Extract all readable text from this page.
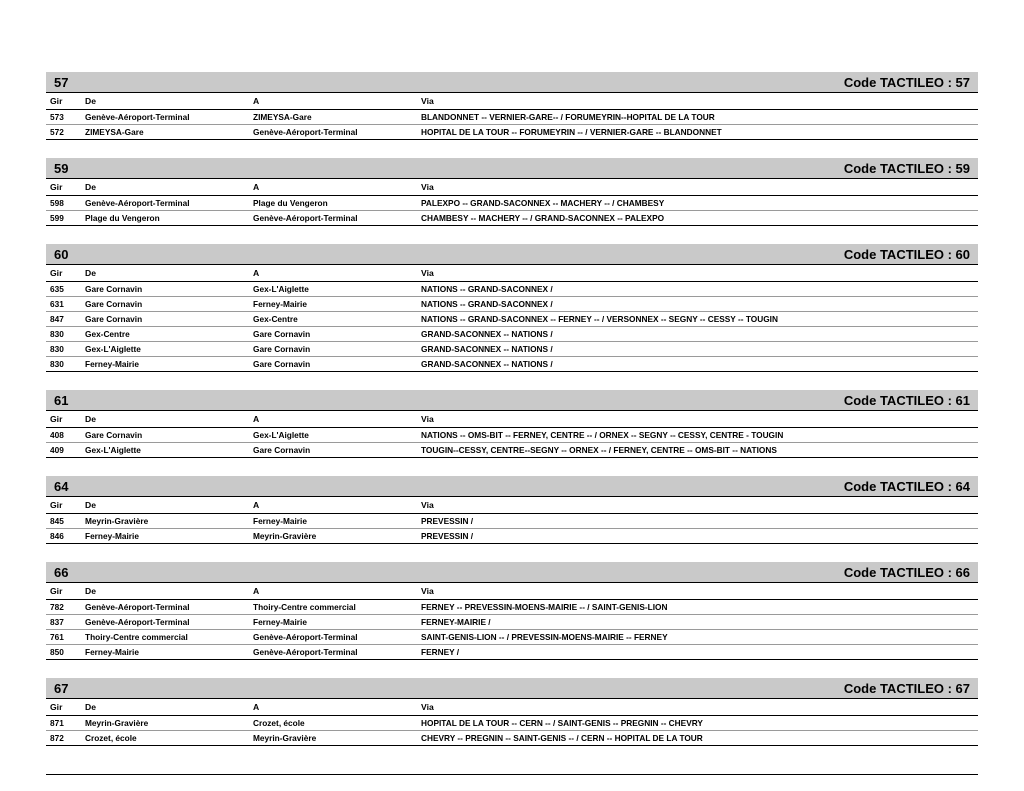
57	Code TACTILEO : 57
Gir	De	A	Via
573	Genève-Aéroport-Terminal	ZIMEYSA-Gare	BLANDONNET -- VERNIER-GARE-- / FORUMEYRIN--HOPITAL DE LA TOUR
572	ZIMEYSA-Gare	Genève-Aéroport-Terminal	HOPITAL DE LA TOUR -- FORUMEYRIN -- / VERNIER-GARE -- BLANDONNET
59	Code TACTILEO : 59
Gir	De	A	Via
598	Genève-Aéroport-Terminal	Plage du Vengeron	PALEXPO -- GRAND-SACONNEX -- MACHERY -- / CHAMBESY
599	Plage du Vengeron	Genève-Aéroport-Terminal	CHAMBESY -- MACHERY -- / GRAND-SACONNEX -- PALEXPO
60	Code TACTILEO : 60
Gir	De	A	Via
635	Gare Cornavin	Gex-L'Aiglette	NATIONS -- GRAND-SACONNEX /
631	Gare Cornavin	Ferney-Mairie	NATIONS -- GRAND-SACONNEX /
847	Gare Cornavin	Gex-Centre	NATIONS -- GRAND-SACONNEX -- FERNEY -- / VERSONNEX -- SEGNY -- CESSY -- TOUGIN
830	Gex-Centre	Gare Cornavin	GRAND-SACONNEX -- NATIONS /
830	Gex-L'Aiglette	Gare Cornavin	GRAND-SACONNEX -- NATIONS /
830	Ferney-Mairie	Gare Cornavin	GRAND-SACONNEX -- NATIONS /
61	Code TACTILEO : 61
Gir	De	A	Via
408	Gare Cornavin	Gex-L'Aiglette	NATIONS -- OMS-BIT -- FERNEY, CENTRE -- / ORNEX -- SEGNY -- CESSY, CENTRE - TOUGIN
409	Gex-L'Aiglette	Gare Cornavin	TOUGIN--CESSY, CENTRE--SEGNY -- ORNEX -- / FERNEY, CENTRE -- OMS-BIT -- NATIONS
64	Code TACTILEO : 64
Gir	De	A	Via
845	Meyrin-Gravière	Ferney-Mairie	PREVESSIN /
846	Ferney-Mairie	Meyrin-Gravière	PREVESSIN /
66	Code TACTILEO : 66
Gir	De	A	Via
782	Genève-Aéroport-Terminal	Thoiry-Centre commercial	FERNEY -- PREVESSIN-MOENS-MAIRIE -- / SAINT-GENIS-LION
837	Genève-Aéroport-Terminal	Ferney-Mairie	FERNEY-MAIRIE /
761	Thoiry-Centre commercial	Genève-Aéroport-Terminal	SAINT-GENIS-LION -- / PREVESSIN-MOENS-MAIRIE -- FERNEY
850	Ferney-Mairie	Genève-Aéroport-Terminal	FERNEY /
67	Code TACTILEO : 67
Gir	De	A	Via
871	Meyrin-Gravière	Crozet, école	HOPITAL DE LA TOUR -- CERN -- / SAINT-GENIS -- PREGNIN -- CHEVRY
872	Crozet, école	Meyrin-Gravière	CHEVRY -- PREGNIN -- SAINT-GENIS -- / CERN -- HOPITAL DE LA TOUR
